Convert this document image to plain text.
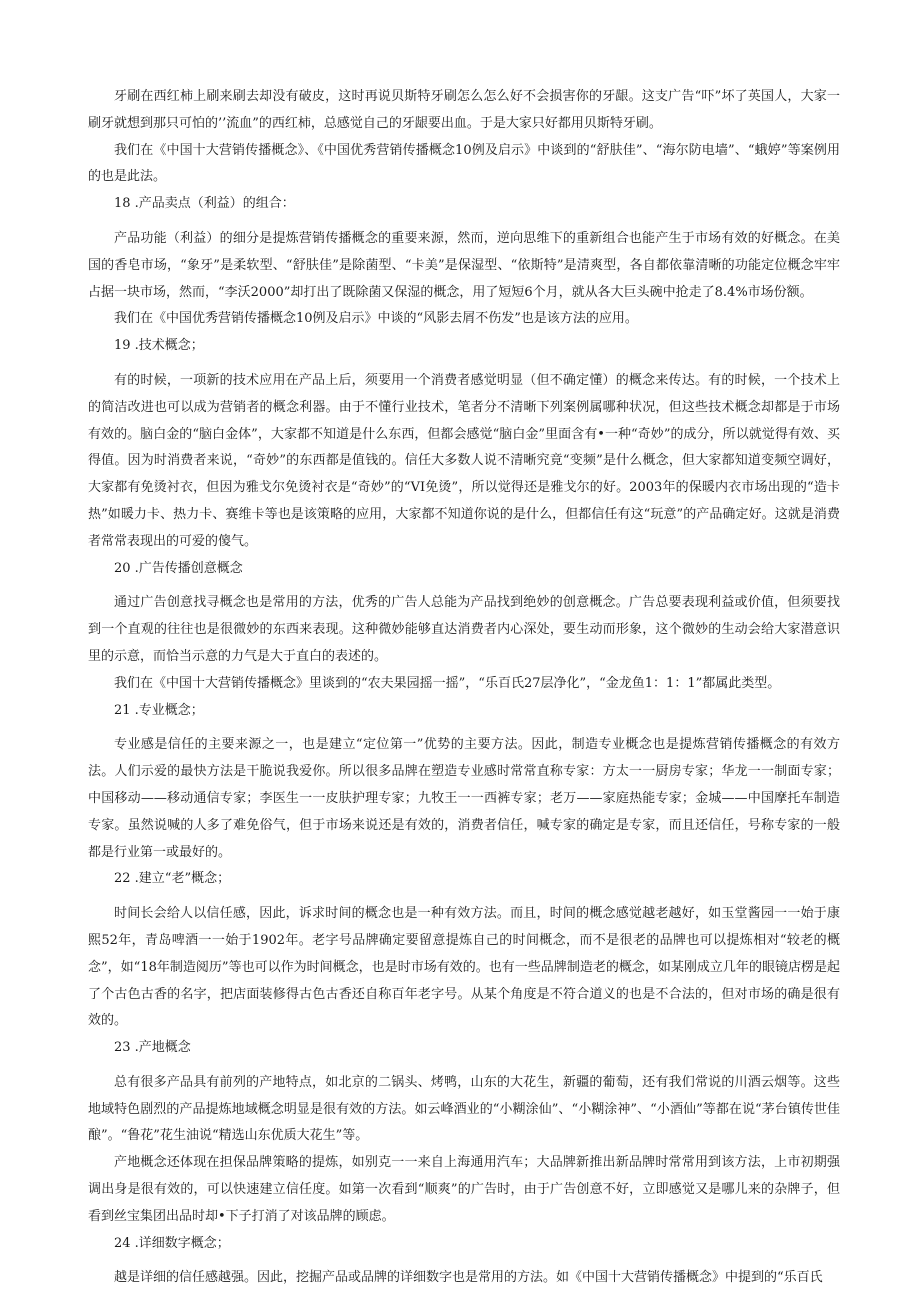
牙刷在西红柿上刷来刷去却没有破皮，这时再说贝斯特牙刷怎么怎么好不会损害你的牙龈。这支广告“吓”坏了英国人，大家一刷牙就想到那只可怕的’’流血”的西红柿，总感觉自己的牙龈要出血。于是大家只好都用贝斯特牙刷。

我们在《中国十大营销传播概念》、《中国优秀营销传播概念10例及启示》中谈到的“舒肤佳”、“海尔防电墙”、“蛾婷”等案例用的也是此法。

18 .产品卖点（利益）的组合：

产品功能（利益）的细分是提炼营销传播概念的重要来源，然而，逆向思维下的重新组合也能产生于市场有效的好概念。在美国的香皂市场，“象牙”是柔软型、“舒肤佳”是除菌型、“卡美”是保湿型、“依斯特”是清爽型，各自都依靠清晰的功能定位概念牢牢占据一块市场，然而，“李沃2000”却打出了既除菌又保湿的概念，用了短短6个月，就从各大巨头碗中抢走了8.4%市场份额。

我们在《中国优秀营销传播概念10例及启示》中谈的“风影去屑不伤发”也是该方法的应用。

19 .技术概念；

有的时候，一项新的技术应用在产品上后，须要用一个消费者感觉明显（但不确定懂）的概念来传达。有的时候，一个技术上的简洁改进也可以成为营销者的概念利器。由于不懂行业技术，笔者分不清晰下列案例属哪种状况，但这些技术概念却都是于市场有效的。脑白金的“脑白金体”，大家都不知道是什么东西，但都会感觉“脑白金”里面含有•一种“奇妙”的成分，所以就觉得有效、买得值。因为时消费者来说，“奇妙”的东西都是值钱的。信任大多数人说不清晰究竟“变频”是什么概念，但大家都知道变频空调好，大家都有免烫衬衣，但因为雅戈尔免烫衬衣是“奇妙”的“VI免烫”，所以觉得还是雅戈尔的好。2003年的保暖内衣市场出现的“造卡热”如暖力卡、热力卡、赛维卡等也是该策略的应用，大家都不知道你说的是什么，但都信任有这“玩意”的产品确定好。这就是消费者常常表现出的可爱的傻气。

20 .广告传播创意概念

通过广告创意找寻概念也是常用的方法，优秀的广告人总能为产品找到绝妙的创意概念。广告总要表现利益或价值，但须要找到一个直观的往往也是很微妙的东西来表现。这种微妙能够直达消费者内心深处，要生动而形象，这个微妙的生动会给大家潜意识里的示意，而恰当示意的力气是大于直白的表述的。

我们在《中国十大营销传播概念》里谈到的“农夫果园摇一摇”，“乐百氏27层净化”，“金龙鱼1：1：1”都属此类型。

21 .专业概念；

专业感是信任的主要来源之一，也是建立“定位第一”优势的主要方法。因此，制造专业概念也是提炼营销传播概念的有效方法。人们示爱的最快方法是干脆说我爱你。所以很多品牌在塑造专业感时常常直称专家：方太一一厨房专家；华龙一一制面专家；中国移动——移动通信专家；李医生一一皮肤护理专家；九牧王一一西裤专家；老万——家庭热能专家；金城——中国摩托车制造专家。虽然说喊的人多了难免俗气，但于市场来说还是有效的，消费者信任，喊专家的确定是专家，而且还信任，号称专家的一般都是行业第一或最好的。

22 .建立“老”概念；

时间长会给人以信任感，因此，诉求时间的概念也是一种有效方法。而且，时间的概念感觉越老越好，如玉堂酱园一一始于康熙52年，青岛啤酒一一始于1902年。老字号品牌确定要留意提炼自己的时间概念，而不是很老的品牌也可以提炼相对“较老的概念”，如“18年制造阅历”等也可以作为时间概念，也是时市场有效的。也有一些品牌制造老的概念，如某刚成立几年的眼镜店楞是起了个古色古香的名字，把店面装修得古色古香还自称百年老字号。从某个角度是不符合道义的也是不合法的，但对市场的确是很有效的。

23 .产地概念

总有很多产品具有前列的产地特点，如北京的二锅头、烤鸭，山东的大花生，新疆的葡萄，还有我们常说的川酒云烟等。这些地域特色剧烈的产品提炼地域概念明显是很有效的方法。如云峰酒业的“小糊涂仙”、“小糊涂神”、“小酒仙”等都在说“茅台镇传世佳酿”。“鲁花”花生油说“精选山东优质大花生”等。

产地概念还体现在担保品牌策略的提炼，如别克一一来自上海通用汽车；大品牌新推出新品牌时常常用到该方法，上市初期强调出身是很有效的，可以快速建立信任度。如第一次看到“顺爽”的广告时，由于广告创意不好，立即感觉又是哪儿来的杂牌子，但看到丝宝集团出品时却•下子打消了对该品牌的顾虑。

24 .详细数字概念；

越是详细的信任感越强。因此，挖掘产品或品牌的详细数字也是常用的方法。如《中国十大营销传播概念》中提到的“乐百氏
